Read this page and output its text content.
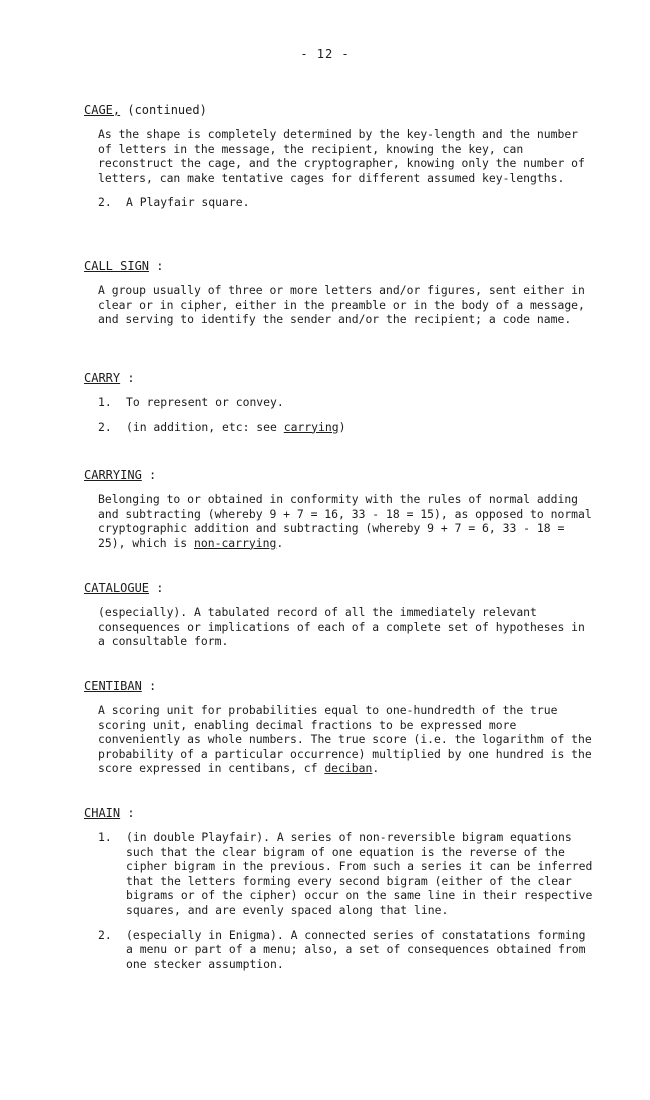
- 12 -
CAGE, (continued)

As the shape is completely determined by the key-length and the number of letters in the message, the recipient, knowing the key, can reconstruct the cage, and the cryptographer, knowing only the number of letters, can make tentative cages for different assumed key-lengths.

2.	A Playfair square.
CALL SIGN :

A group usually of three or more letters and/or figures, sent either in clear or in cipher, either in the preamble or in the body of a message, and serving to identify the sender and/or the recipient; a code name.

CARRY :
1.	To represent or convey.
2.	(in addition, etc: see carrying)
CARRYING :

Belonging to or obtained in conformity with the rules of normal adding and subtracting (whereby 9 + 7 = 16, 33 - 18 = 15), as opposed to normal cryptographic addition and subtracting (whereby 9 + 7 = 6, 33 - 18 = 25), which is non-carrying.

CATALOGUE :

(especially). A tabulated record of all the immediately relevant consequences or implications of each of a complete set of hypotheses in a consultable form.

CENTIBAN :

A scoring unit for probabilities equal to one-hundredth of the true scoring unit, enabling decimal fractions to be expressed more conveniently as whole numbers. The true score (i.e. the logarithm of the probability of a particular occurrence) multiplied by one hundred is the score expressed in centibans, cf deciban.

CHAIN :
1.	(in double Playfair). A series of non-reversible bigram equations such that the clear bigram of one equation is the reverse of the cipher bigram in the previous. From such a series it can be inferred that the letters forming every second bigram (either of the clear bigrams or of the cipher) occur on the same line in their respective squares, and are evenly spaced along that line.
2.	(especially in Enigma). A connected series of constatations forming a menu or part of a menu; also, a set of consequences obtained from one stecker assumption.
